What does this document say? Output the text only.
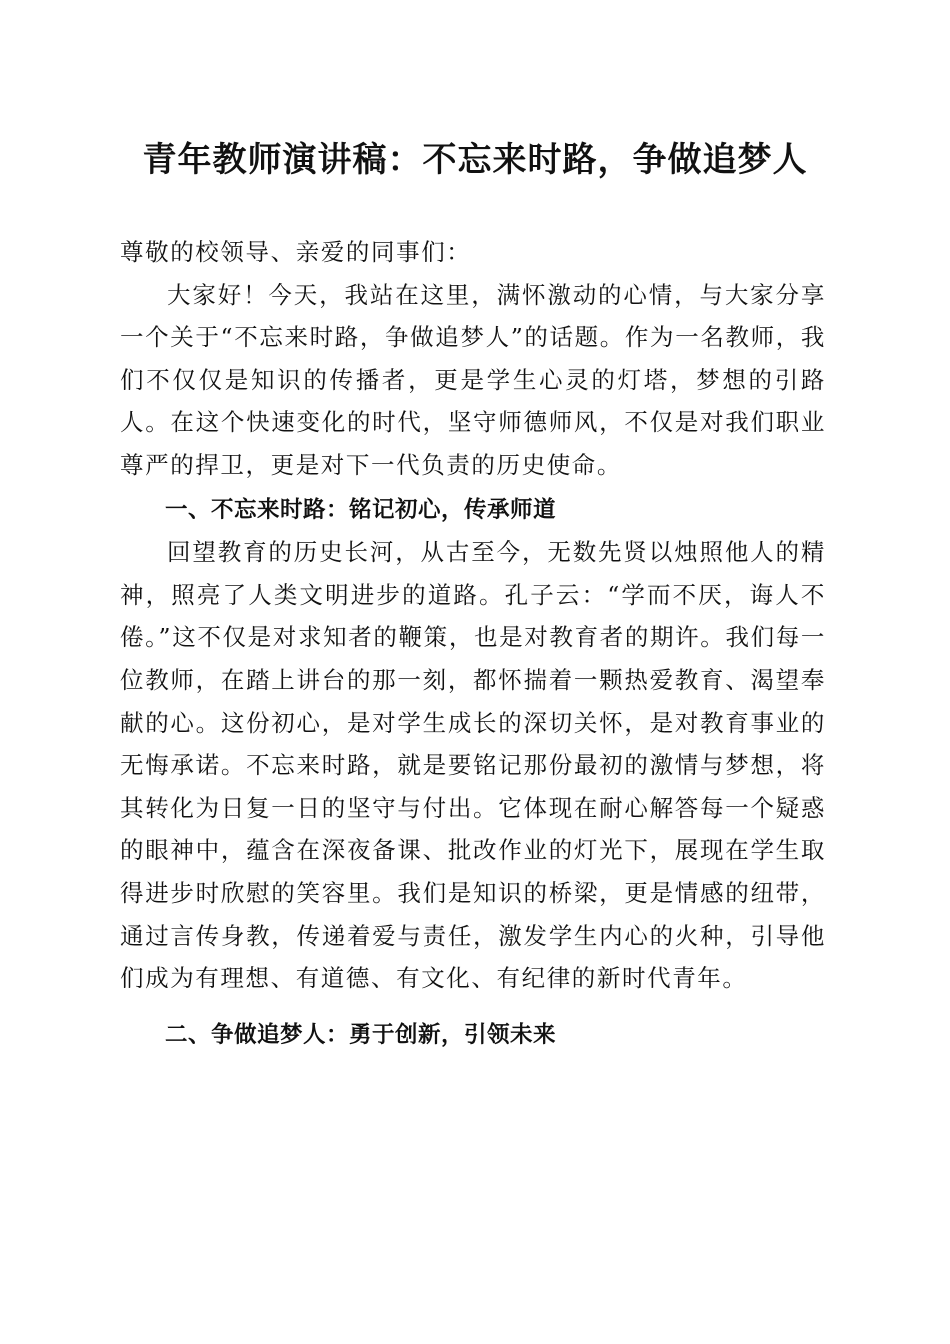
青年教师演讲稿：不忘来时路，争做追梦人

尊敬的校领导、亲爱的同事们：

大家好！今天，我站在这里，满怀激动的心情，与大家分享一个关于“不忘来时路，争做追梦人”的话题。作为一名教师，我们不仅仅是知识的传播者，更是学生心灵的灯塔，梦想的引路人。在这个快速变化的时代，坚守师德师风，不仅是对我们职业尊严的捍卫，更是对下一代负责的历史使命。

一、不忘来时路：铭记初心，传承师道

回望教育的历史长河，从古至今，无数先贤以烛照他人的精神，照亮了人类文明进步的道路。孔子云：“学而不厌，诲人不倦。”这不仅是对求知者的鞭策，也是对教育者的期许。我们每一位教师，在踏上讲台的那一刻，都怀揣着一颗热爱教育、渴望奉献的心。这份初心，是对学生成长的深切关怀，是对教育事业的无悔承诺。不忘来时路，就是要铭记那份最初的激情与梦想，将其转化为日复一日的坚守与付出。它体现在耐心解答每一个疑惑的眼神中，蕴含在深夜备课、批改作业的灯光下，展现在学生取得进步时欣慰的笑容里。我们是知识的桥梁，更是情感的纽带，通过言传身教，传递着爱与责任，激发学生内心的火种，引导他们成为有理想、有道德、有文化、有纪律的新时代青年。

二、争做追梦人：勇于创新，引领未来
